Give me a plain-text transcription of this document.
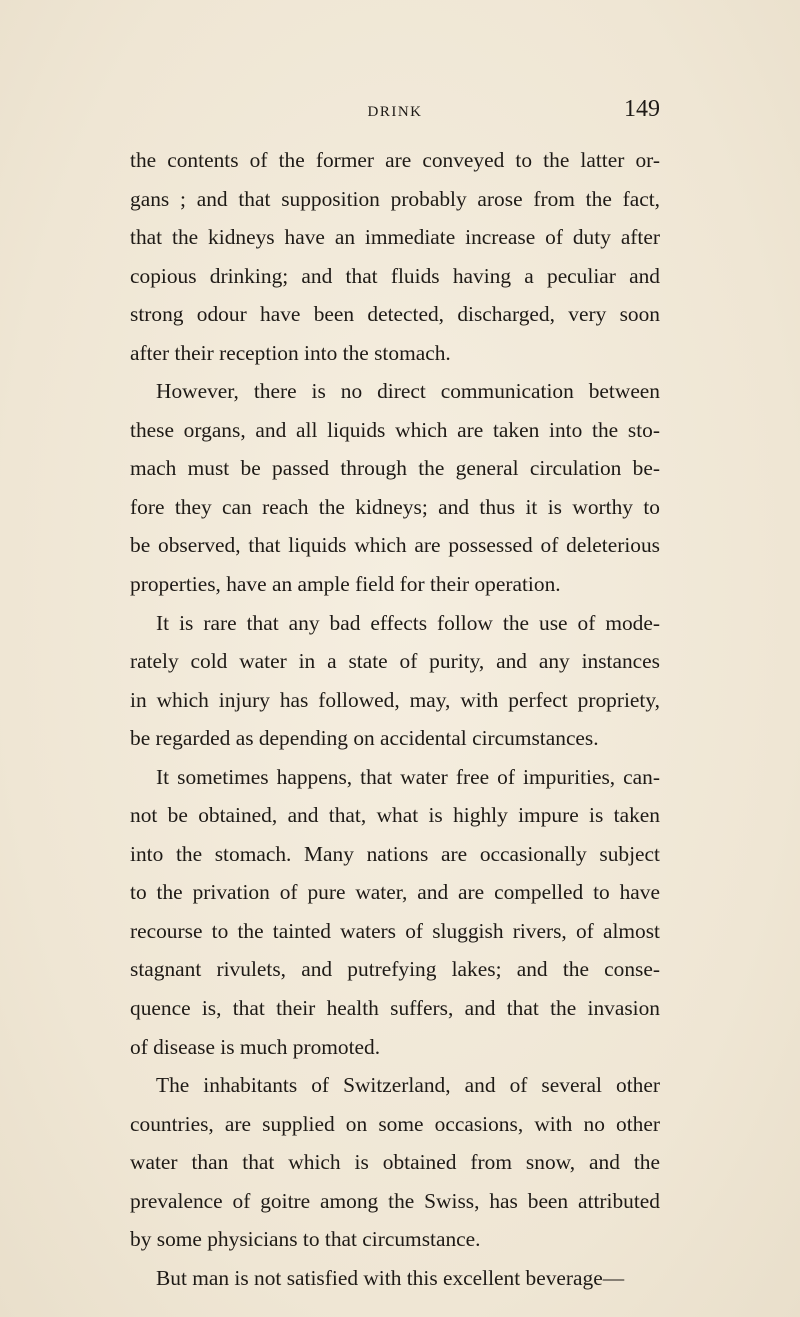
DRINK	149
the contents of the former are conveyed to the latter or-
gans ; and that supposition probably arose from the fact,
that the kidneys have an immediate increase of duty after
copious drinking; and that fluids having a peculiar and
strong odour have been detected, discharged, very soon
after their reception into the stomach.
However, there is no direct communication between
these organs, and all liquids which are taken into the sto-
mach must be passed through the general circulation be-
fore they can reach the kidneys; and thus it is worthy to
be observed, that liquids which are possessed of deleterious
properties, have an ample field for their operation.
It is rare that any bad effects follow the use of mode-
rately cold water in a state of purity, and any instances
in which injury has followed, may, with perfect propriety,
be regarded as depending on accidental circumstances.
It sometimes happens, that water free of impurities, can-
not be obtained, and that, what is highly impure is taken
into the stomach. Many nations are occasionally subject
to the privation of pure water, and are compelled to have
recourse to the tainted waters of sluggish rivers, of almost
stagnant rivulets, and putrefying lakes; and the conse-
quence is, that their health suffers, and that the invasion
of disease is much promoted.
The inhabitants of Switzerland, and of several other
countries, are supplied on some occasions, with no other
water than that which is obtained from snow, and the
prevalence of goitre among the Swiss, has been attributed
by some physicians to that circumstance.
But man is not satisfied with this excellent beverage—
